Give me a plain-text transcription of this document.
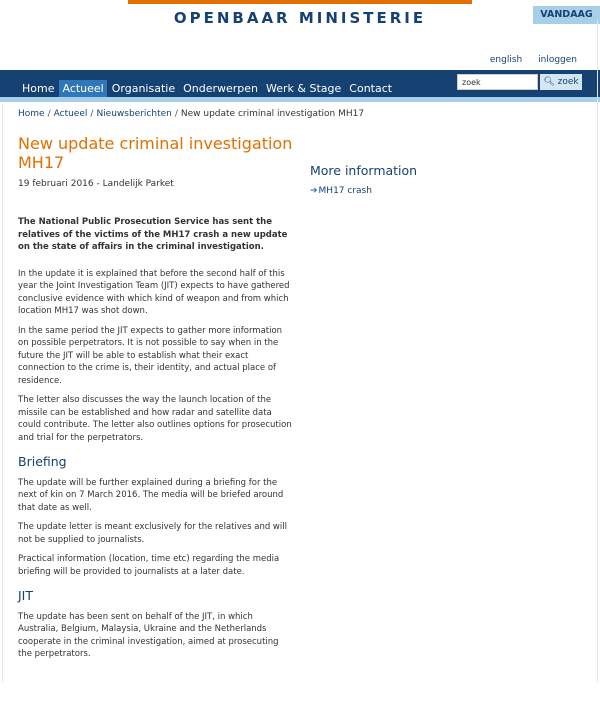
OPENBAAR MINISTERIE	VANDAAG
english inloggen
Home Actueel Organisatie Onderwerpen Werk & Stage Contact	zoek	🔍︎ zoek
Home / Actueel / Nieuwsberichten / New update criminal investigation MH17
New update criminal investigation MH17
19 februari 2016 - Landelijk Parket

The National Public Prosecution Service has sent the relatives of the victims of the MH17 crash a new update on the state of affairs in the criminal investigation.

In the update it is explained that before the second half of this year the Joint Investigation Team (JIT) expects to have gathered conclusive evidence with which kind of weapon and from which location MH17 was shot down.

In the same period the JIT expects to gather more information on possible perpetrators. It is not possible to say when in the future the JIT will be able to establish what their exact connection to the crime is, their identity, and actual place of residence.

The letter also discusses the way the launch location of the missile can be established and how radar and satellite data could contribute. The letter also outlines options for prosecution and trial for the perpetrators.

Briefing

The update will be further explained during a briefing for the next of kin on 7 March 2016. The media will be briefed around that date as well.

The update letter is meant exclusively for the relatives and will not be supplied to journalists.

Practical information (location, time etc) regarding the media briefing will be provided to journalists at a later date.

JIT

The update has been sent on behalf of the JIT, in which Australia, Belgium, Malaysia, Ukraine and the Netherlands cooperate in the criminal investigation, aimed at prosecuting the perpetrators.

More information
➔MH17 crash
